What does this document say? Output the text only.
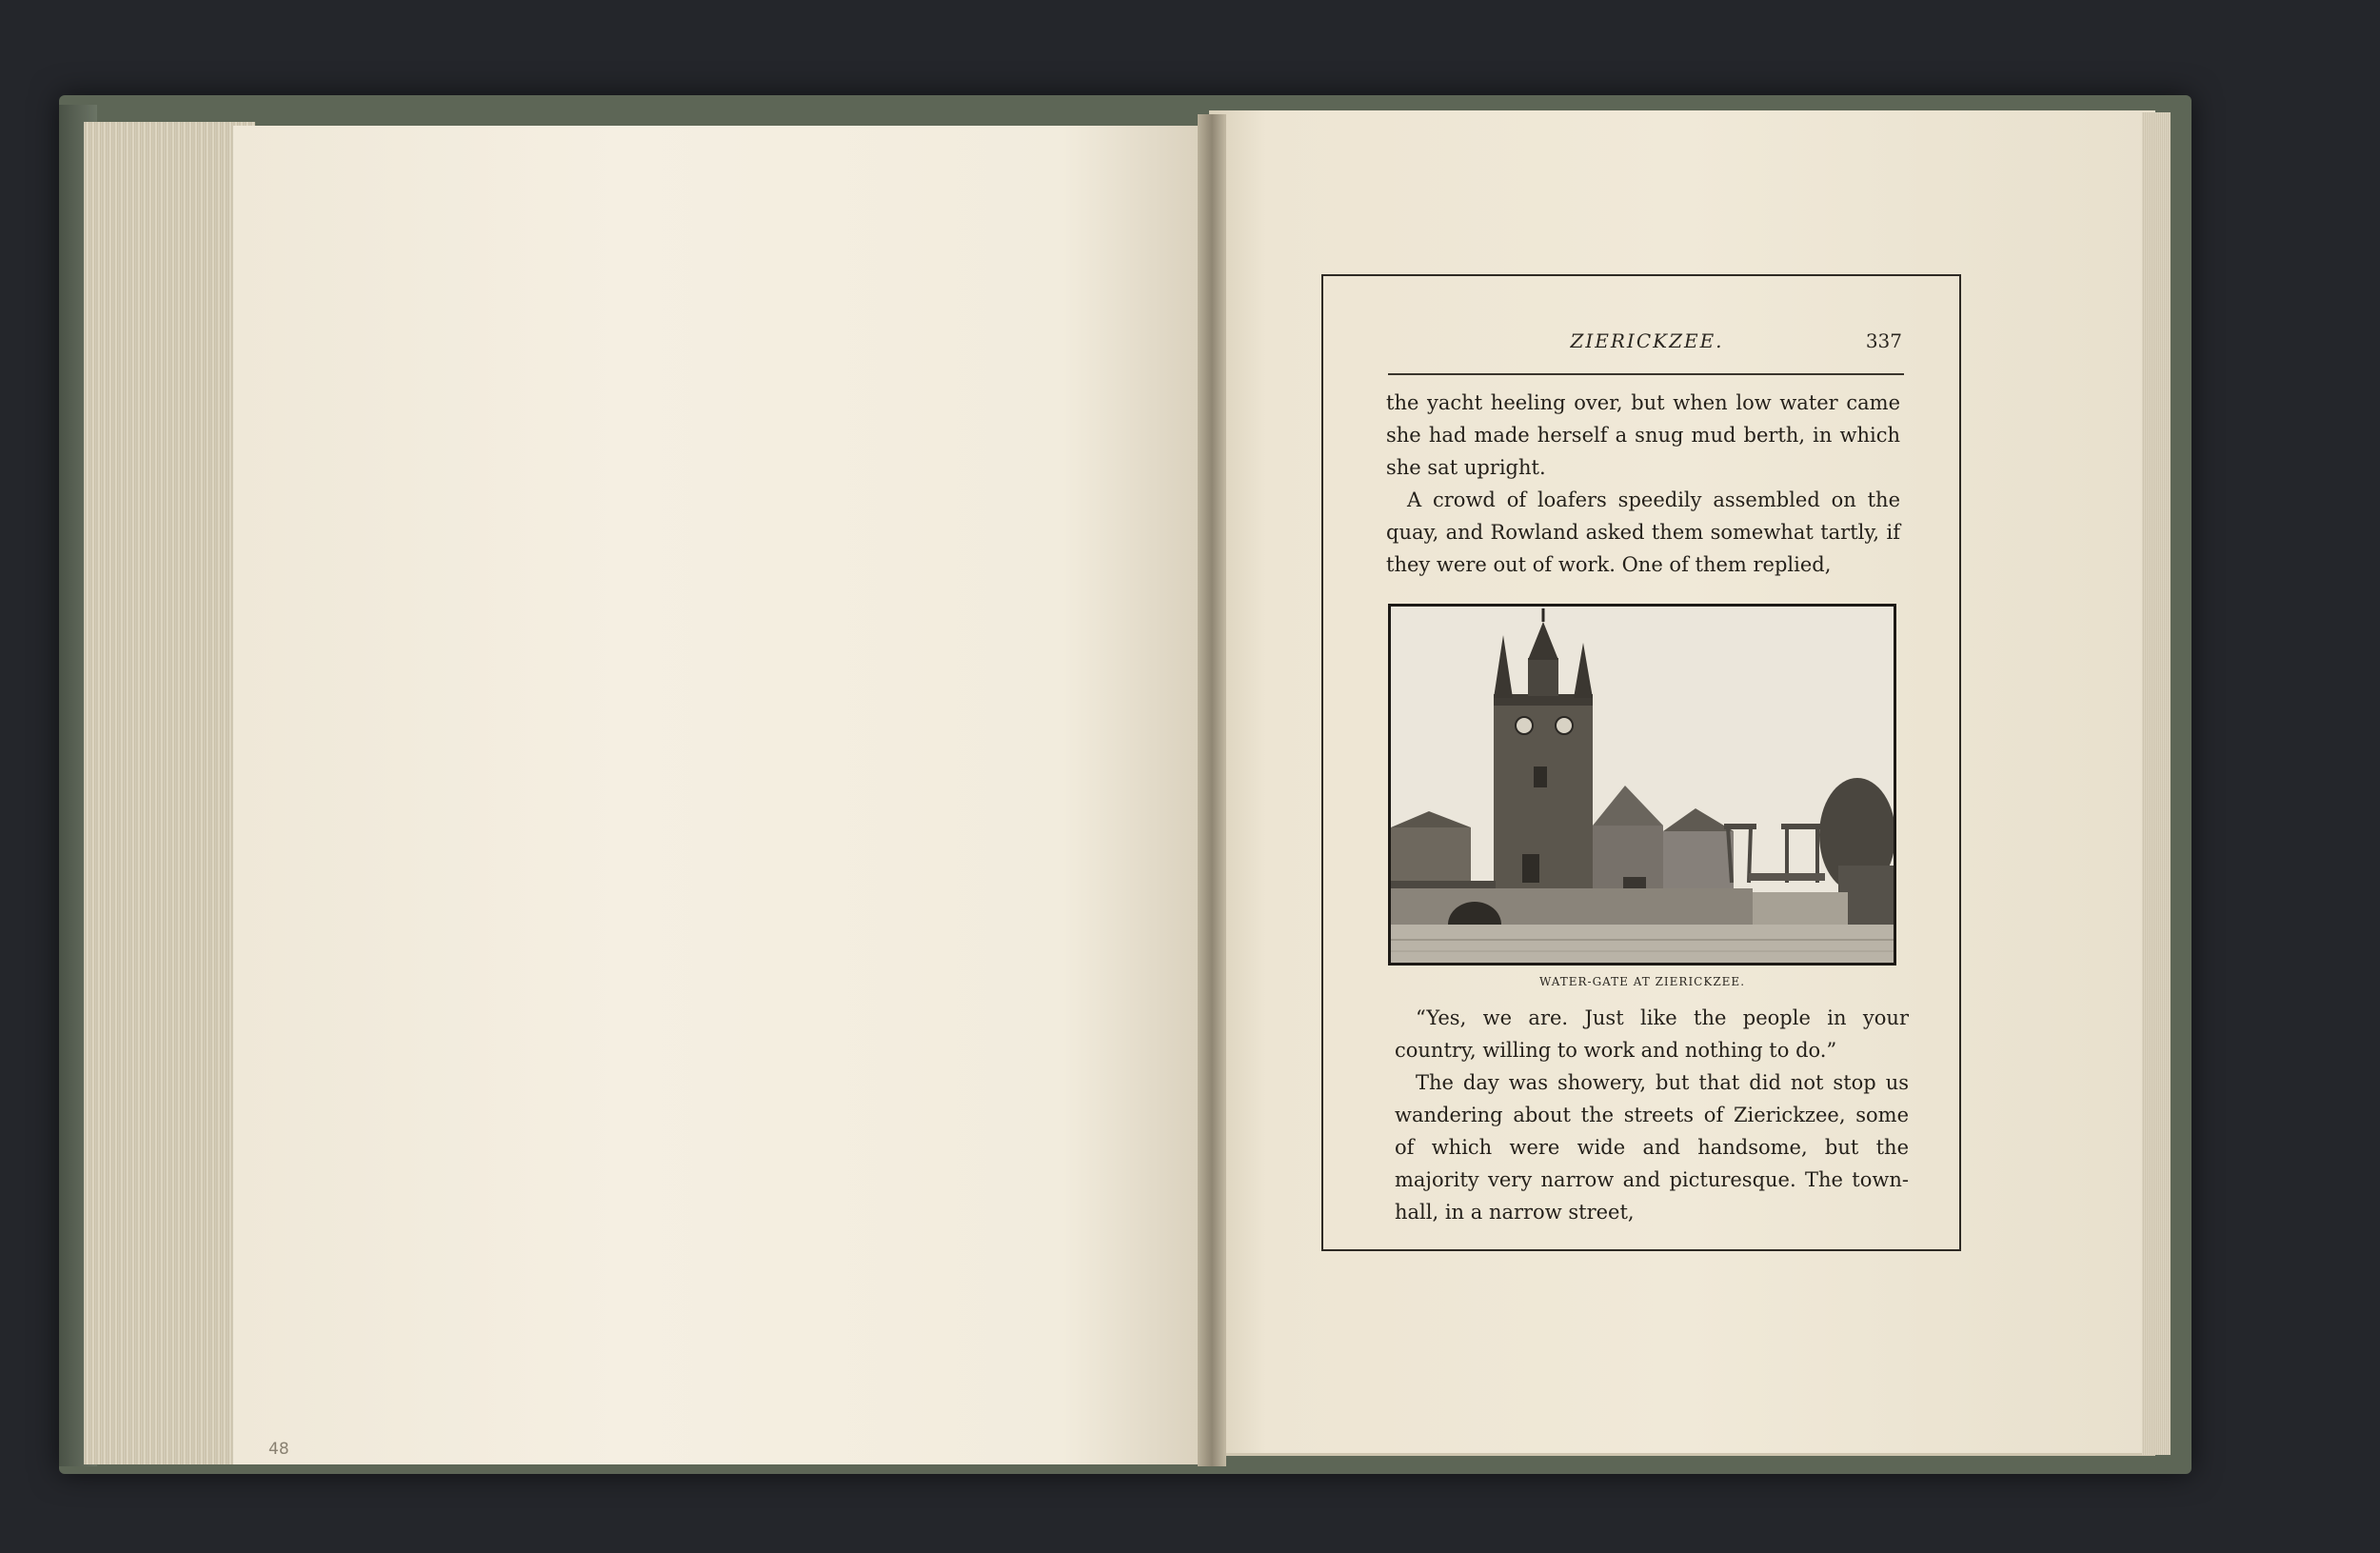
48
ZIERICKZEE.	337

the yacht heeling over, but when low water came she had made herself a snug mud berth, in which she sat upright.

A crowd of loafers speedily assembled on the quay, and Rowland asked them somewhat tartly, if they were out of work. One of them replied,

WATER-GATE AT ZIERICKZEE.

“Yes, we are. Just like the people in your country, willing to work and nothing to do.”

The day was showery, but that did not stop us wandering about the streets of Zierickzee, some of which were wide and handsome, but the majority very narrow and picturesque. The town-hall, in a narrow street,
